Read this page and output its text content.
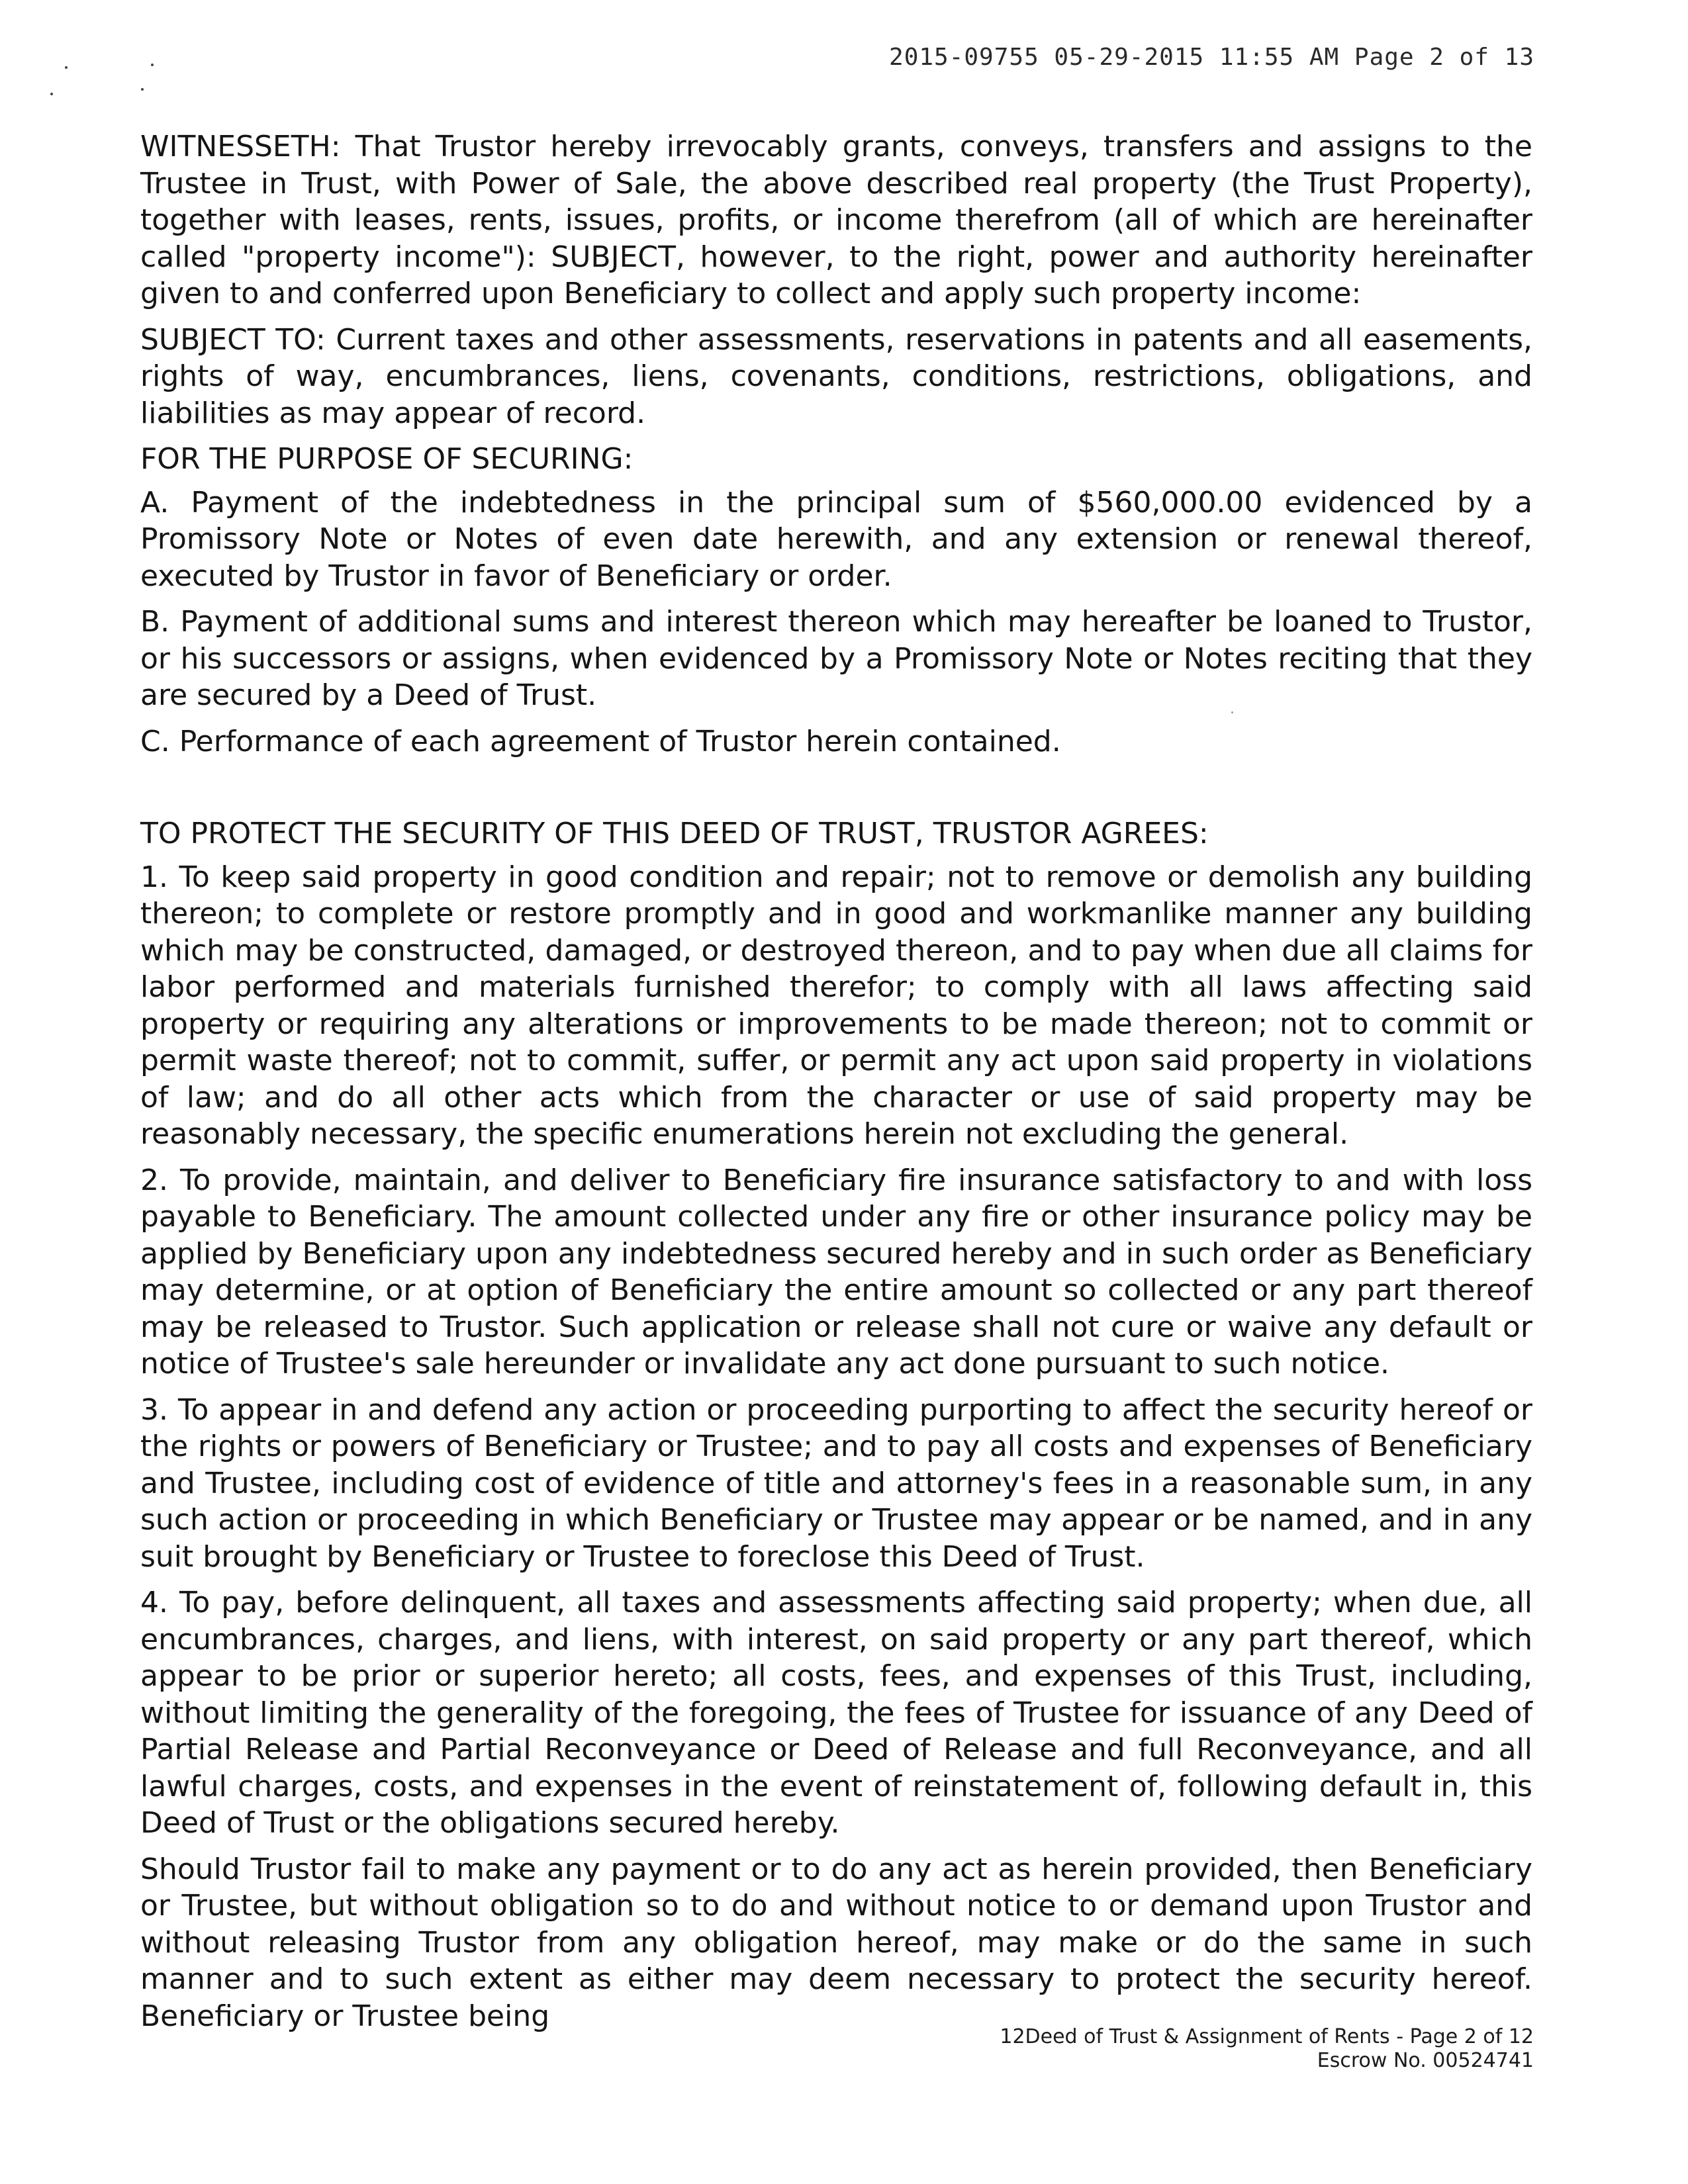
2015-09755 05-29-2015 11:55 AM Page 2 of 13

WITNESSETH: That Trustor hereby irrevocably grants, conveys, transfers and assigns to the Trustee in Trust, with Power of Sale, the above described real property (the Trust Property), together with leases, rents, issues, profits, or income therefrom (all of which are hereinafter called "property income"): SUBJECT, however, to the right, power and authority hereinafter given to and conferred upon Beneficiary to collect and apply such property income:

SUBJECT TO: Current taxes and other assessments, reservations in patents and all easements, rights of way, encumbrances, liens, covenants, conditions, restrictions, obligations, and liabilities as may appear of record.

FOR THE PURPOSE OF SECURING:

A. Payment of the indebtedness in the principal sum of $560,000.00 evidenced by a Promissory Note or Notes of even date herewith, and any extension or renewal thereof, executed by Trustor in favor of Beneficiary or order.

B. Payment of additional sums and interest thereon which may hereafter be loaned to Trustor, or his successors or assigns, when evidenced by a Promissory Note or Notes reciting that they are secured by a Deed of Trust.

C. Performance of each agreement of Trustor herein contained.

TO PROTECT THE SECURITY OF THIS DEED OF TRUST, TRUSTOR AGREES:

1. To keep said property in good condition and repair; not to remove or demolish any building thereon; to complete or restore promptly and in good and workmanlike manner any building which may be constructed, damaged, or destroyed thereon, and to pay when due all claims for labor performed and materials furnished therefor; to comply with all laws affecting said property or requiring any alterations or improvements to be made thereon; not to commit or permit waste thereof; not to commit, suffer, or permit any act upon said property in violations of law; and do all other acts which from the character or use of said property may be reasonably necessary, the specific enumerations herein not excluding the general.

2. To provide, maintain, and deliver to Beneficiary fire insurance satisfactory to and with loss payable to Beneficiary. The amount collected under any fire or other insurance policy may be applied by Beneficiary upon any indebtedness secured hereby and in such order as Beneficiary may determine, or at option of Beneficiary the entire amount so collected or any part thereof may be released to Trustor. Such application or release shall not cure or waive any default or notice of Trustee's sale hereunder or invalidate any act done pursuant to such notice.

3. To appear in and defend any action or proceeding purporting to affect the security hereof or the rights or powers of Beneficiary or Trustee; and to pay all costs and expenses of Beneficiary and Trustee, including cost of evidence of title and attorney's fees in a reasonable sum, in any such action or proceeding in which Beneficiary or Trustee may appear or be named, and in any suit brought by Beneficiary or Trustee to foreclose this Deed of Trust.

4. To pay, before delinquent, all taxes and assessments affecting said property; when due, all encumbrances, charges, and liens, with interest, on said property or any part thereof, which appear to be prior or superior hereto; all costs, fees, and expenses of this Trust, including, without limiting the generality of the foregoing, the fees of Trustee for issuance of any Deed of Partial Release and Partial Reconveyance or Deed of Release and full Reconveyance, and all lawful charges, costs, and expenses in the event of reinstatement of, following default in, this Deed of Trust or the obligations secured hereby.

Should Trustor fail to make any payment or to do any act as herein provided, then Beneficiary or Trustee, but without obligation so to do and without notice to or demand upon Trustor and without releasing Trustor from any obligation hereof, may make or do the same in such manner and to such extent as either may deem necessary to protect the security hereof. Beneficiary or Trustee being

12Deed of Trust & Assignment of Rents - Page 2 of 12
Escrow No. 00524741
